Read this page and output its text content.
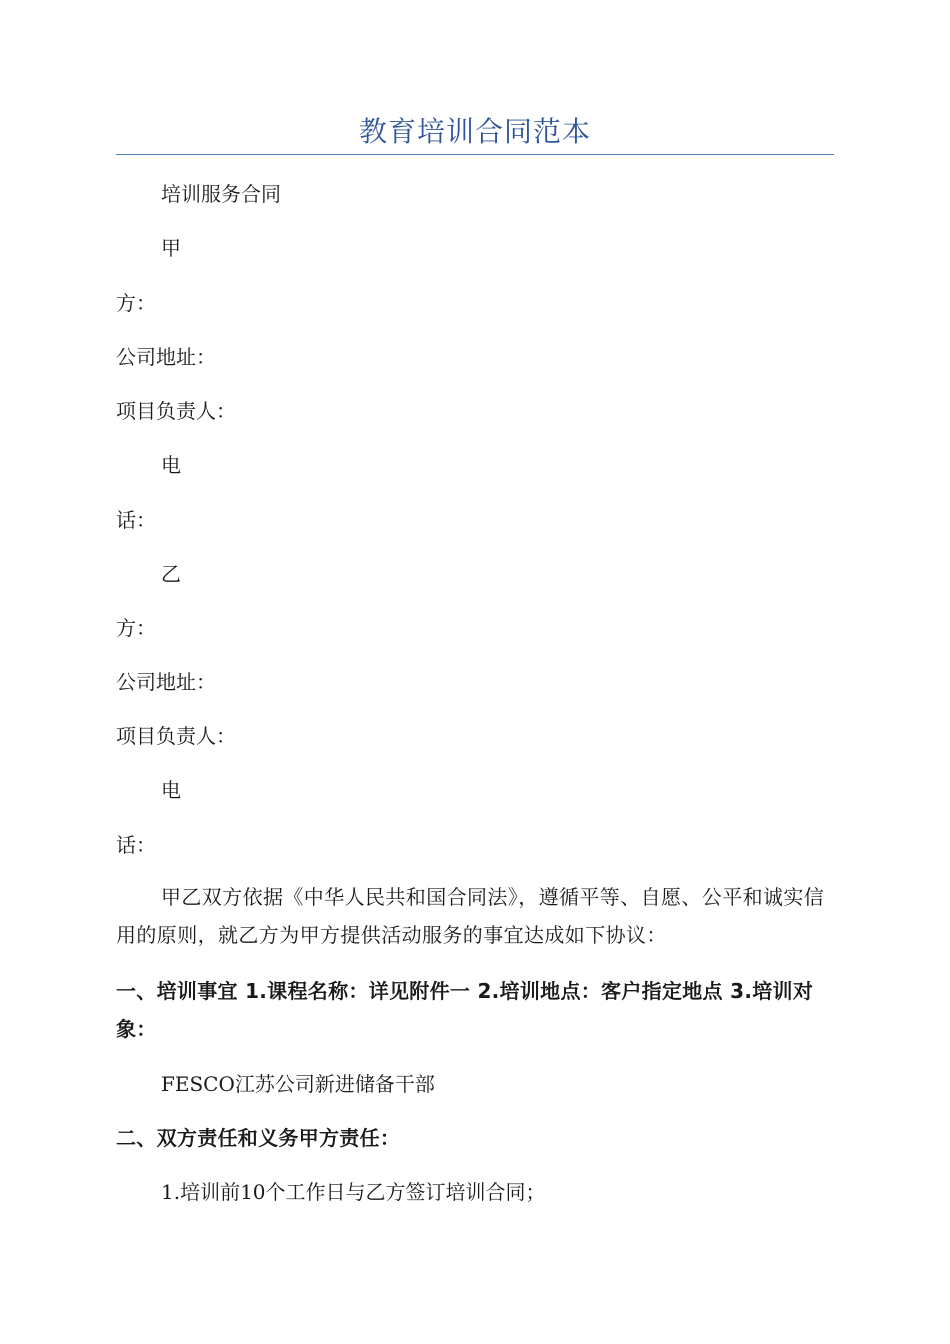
教育培训合同范本
培训服务合同
甲
方：
公司地址：
项目负责人：
电
话：
乙
方：
公司地址：
项目负责人：
电
话：
甲乙双方依据《中华人民共和国合同法》，遵循平等、自愿、公平和诚实信用的原则，就乙方为甲方提供活动服务的事宜达成如下协议：
一、培训事宜 1.课程名称：详见附件一 2.培训地点：客户指定地点 3.培训对象：
FESCO江苏公司新进储备干部
二、双方责任和义务甲方责任：
1.培训前10个工作日与乙方签订培训合同；
